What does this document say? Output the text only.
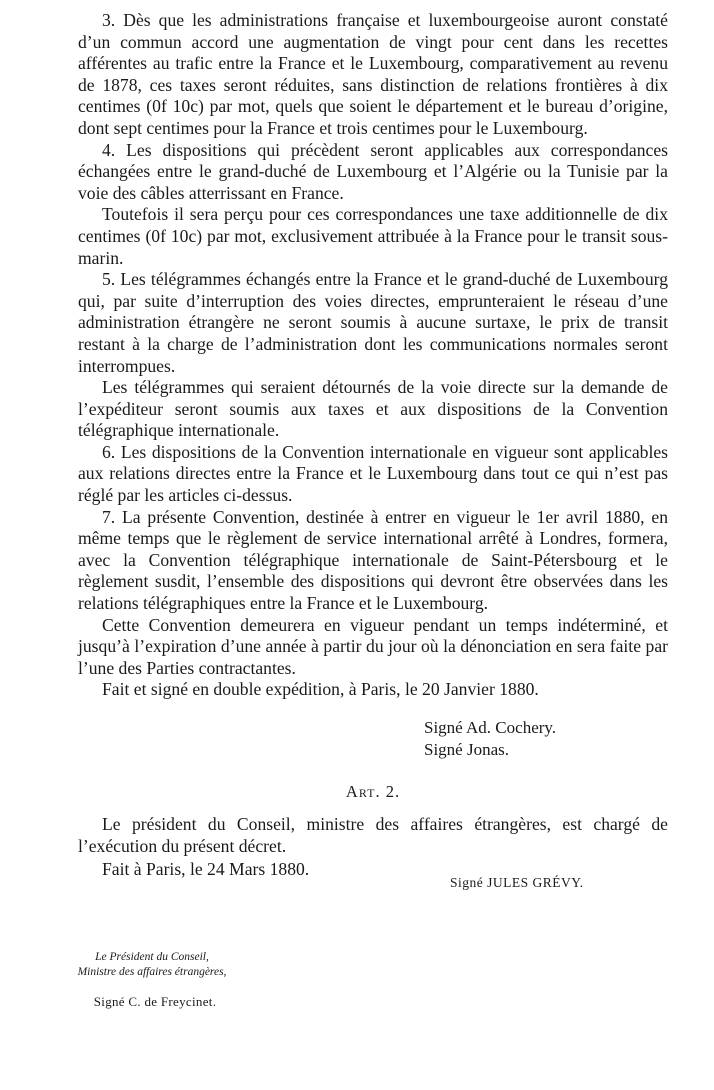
3. Dès que les administrations française et luxembourgeoise auront constaté d’un commun accord une augmentation de vingt pour cent dans les recettes afférentes au trafic entre la France et le Luxembourg, comparativement au revenu de 1878, ces taxes seront réduites, sans distinction de relations frontières à dix centimes (0f 10c) par mot, quels que soient le département et le bureau d’origine, dont sept centimes pour la France et trois centimes pour le Luxembourg.

4. Les dispositions qui précèdent seront applicables aux correspondances échangées entre le grand-duché de Luxembourg et l’Algérie ou la Tunisie par la voie des câbles atterrissant en France.

Toutefois il sera perçu pour ces correspondances une taxe additionnelle de dix centimes (0f 10c) par mot, exclusivement attribuée à la France pour le transit sous-marin.

5. Les télégrammes échangés entre la France et le grand-duché de Luxembourg qui, par suite d’interruption des voies directes, emprunteraient le réseau d’une administration étrangère ne seront soumis à aucune surtaxe, le prix de transit restant à la charge de l’administration dont les communications normales seront interrompues.

Les télégrammes qui seraient détournés de la voie directe sur la demande de l’expéditeur seront soumis aux taxes et aux dispositions de la Convention télégraphique internationale.

6. Les dispositions de la Convention internationale en vigueur sont applicables aux relations directes entre la France et le Luxembourg dans tout ce qui n’est pas réglé par les articles ci-dessus.

7. La présente Convention, destinée à entrer en vigueur le 1er avril 1880, en même temps que le règlement de service international arrêté à Londres, formera, avec la Convention télégraphique internationale de Saint-Pétersbourg et le règlement susdit, l’ensemble des dispositions qui devront être observées dans les relations télégraphiques entre la France et le Luxembourg.

Cette Convention demeurera en vigueur pendant un temps indéterminé, et jusqu’à l’expiration d’une année à partir du jour où la dénonciation en sera faite par l’une des Parties contractantes.

Fait et signé en double expédition, à Paris, le 20 Janvier 1880.

Signé Ad. Cochery.
Signé Jonas.
Art. 2.

Le président du Conseil, ministre des affaires étrangères, est chargé de l’exécution du présent décret.

Fait à Paris, le 24 Mars 1880.
Signé JULES GRÉVY.
Le Président du Conseil,
Ministre des affaires étrangères,
Signé C. de Freycinet.
